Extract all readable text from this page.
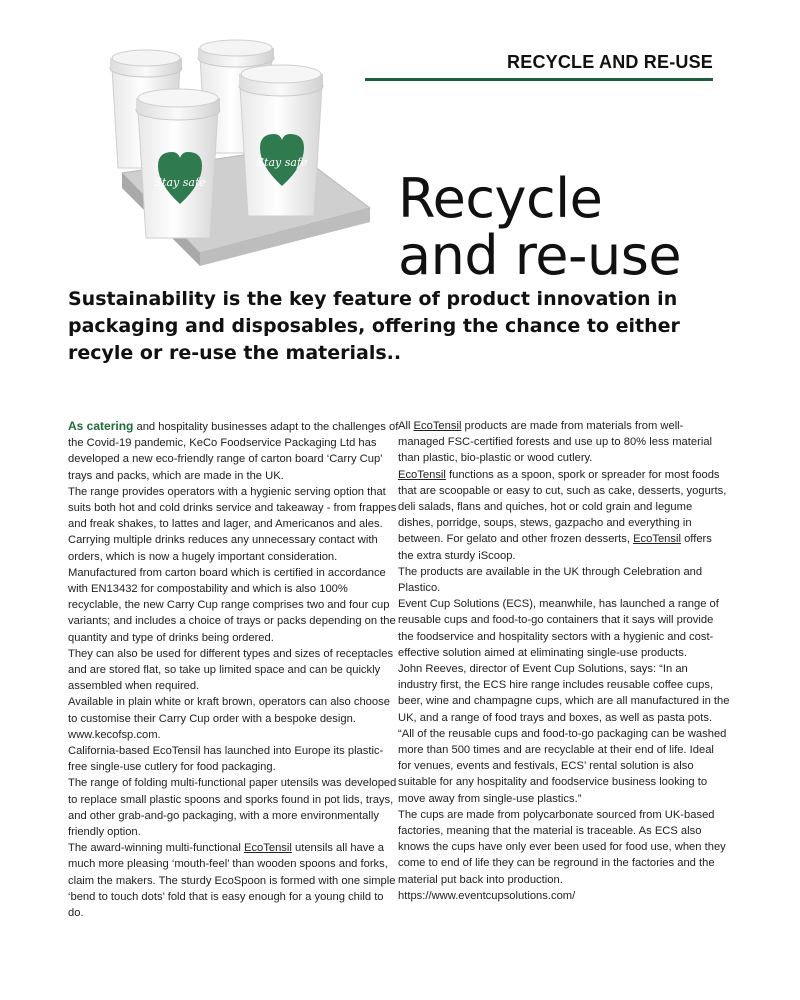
RECYCLE AND RE-USE
Stay safe
Stay safe
Recycle
and re-use
Sustainability is the key feature of product innovation in packaging and disposables, offering the chance to either recyle or re-use the materials..

As catering and hospitality businesses adapt to the challenges of the Covid-19 pandemic, KeCo Foodservice Packaging Ltd has developed a new eco-friendly range of carton board ‘Carry Cup’ trays and packs, which are made in the UK.

The range provides operators with a hygienic serving option that suits both hot and cold drinks service and takeaway - from frappes and freak shakes, to lattes and lager, and Americanos and ales.

Carrying multiple drinks reduces any unnecessary contact with orders, which is now a hugely important consideration.

Manufactured from carton board which is certified in accordance with EN13432 for compostability and which is also 100% recyclable, the new Carry Cup range comprises two and four cup variants; and includes a choice of trays or packs depending on the quantity and type of drinks being ordered.

They can also be used for different types and sizes of receptacles and are stored flat, so take up limited space and can be quickly assembled when required.

Available in plain white or kraft brown, operators can also choose to customise their Carry Cup order with a bespoke design.

www.kecofsp.com.

California-based EcoTensil has launched into Europe its plastic-free single-use cutlery for food packaging.

The range of folding multi-functional paper utensils was developed to replace small plastic spoons and sporks found in pot lids, trays, and other grab-and-go packaging, with a more environmentally friendly option.

The award-winning multi-functional EcoTensil utensils all have a much more pleasing ‘mouth-feel’ than wooden spoons and forks, claim the makers. The sturdy EcoSpoon is formed with one simple ‘bend to touch dots’ fold that is easy enough for a young child to do.

All EcoTensil products are made from materials from well-managed FSC-certified forests and use up to 80% less material than plastic, bio-plastic or wood cutlery.

EcoTensil functions as a spoon, spork or spreader for most foods that are scoopable or easy to cut, such as cake, desserts, yogurts, deli salads, flans and quiches, hot or cold grain and legume dishes, porridge, soups, stews, gazpacho and everything in between. For gelato and other frozen desserts, EcoTensil offers the extra sturdy iScoop.

The products are available in the UK through Celebration and Plastico.

Event Cup Solutions (ECS), meanwhile, has launched a range of reusable cups and food-to-go containers that it says will provide the foodservice and hospitality sectors with a hygienic and cost-effective solution aimed at eliminating single-use products.

John Reeves, director of Event Cup Solutions, says: “In an industry first, the ECS hire range includes reusable coffee cups, beer, wine and champagne cups, which are all manufactured in the UK, and a range of food trays and boxes, as well as pasta pots.

“All of the reusable cups and food-to-go packaging can be washed more than 500 times and are recyclable at their end of life. Ideal for venues, events and festivals, ECS’ rental solution is also suitable for any hospitality and foodservice business looking to move away from single-use plastics.”

The cups are made from polycarbonate sourced from UK-based factories, meaning that the material is traceable. As ECS also knows the cups have only ever been used for food use, when they come to end of life they can be reground in the factories and the material put back into production.

https://www.eventcupsolutions.com/
